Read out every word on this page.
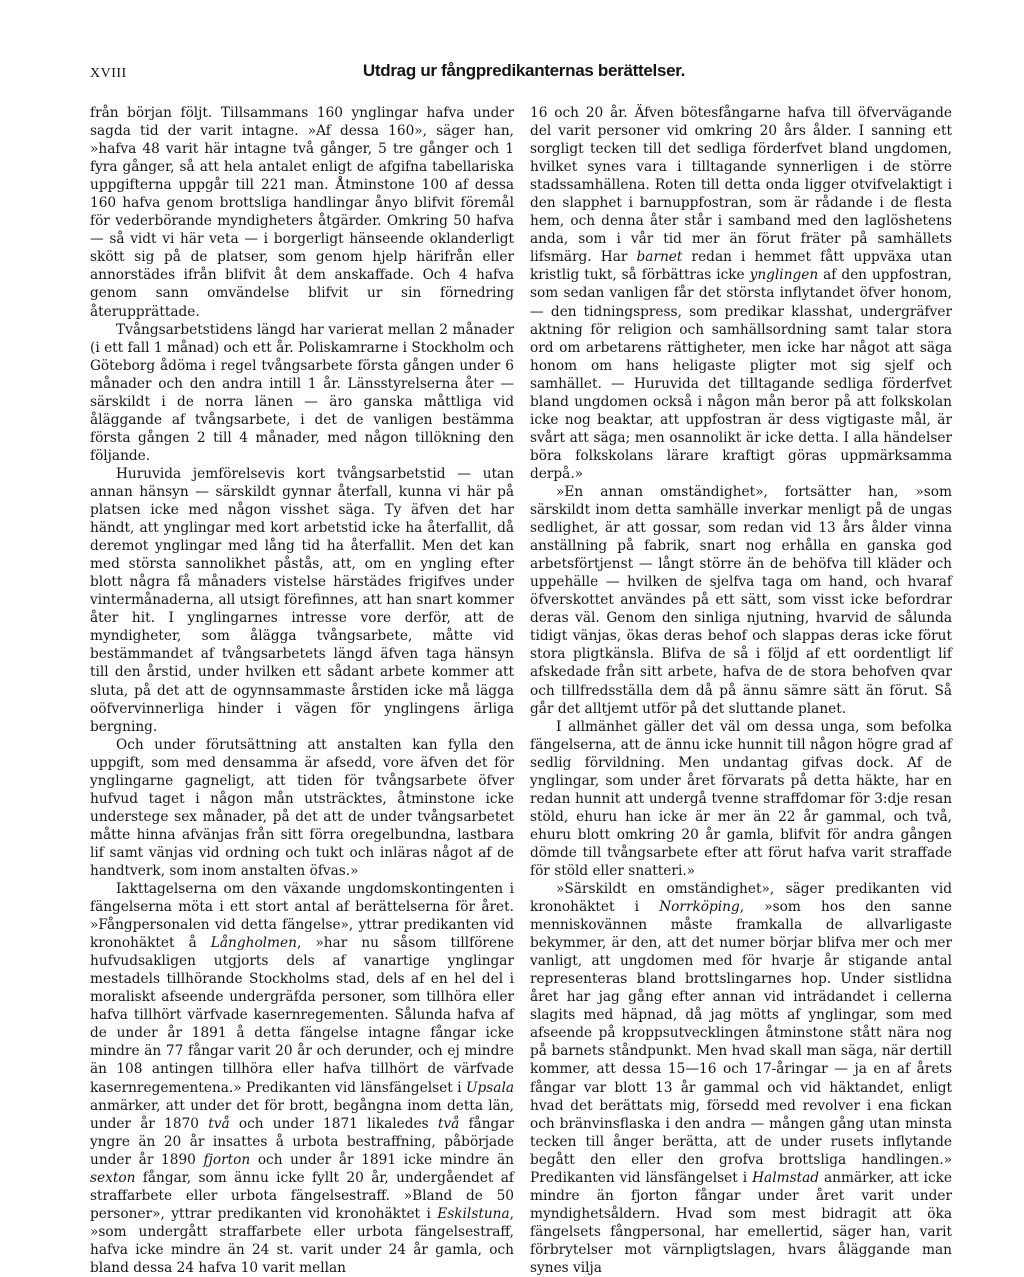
XVIII	Utdrag ur fångpredikanternas berättelser.

från början följt. Tillsammans 160 ynglingar hafva under sagda tid der varit intagne. »Af dessa 160», säger han, »hafva 48 varit här intagne två gånger, 5 tre gånger och 1 fyra gånger, så att hela antalet enligt de afgifna tabellariska uppgifterna uppgår till 221 man. Åtminstone 100 af dessa 160 hafva genom brottsliga handlingar ånyo blifvit föremål för vederbörande myndigheters åtgärder. Omkring 50 hafva — så vidt vi här veta — i borgerligt hänseende oklanderligt skött sig på de platser, som genom hjelp härifrån eller annorstädes ifrån blifvit åt dem anskaffade. Och 4 hafva genom sann omvändelse blifvit ur sin förnedring återupprättade.

Tvångsarbetstidens längd har varierat mellan 2 månader (i ett fall 1 månad) och ett år. Poliskamrarne i Stockholm och Göteborg ådöma i regel tvångsarbete första gången under 6 månader och den andra intill 1 år. Länsstyrelserna åter — särskildt i de norra länen — äro ganska måttliga vid åläggande af tvångsarbete, i det de vanligen bestämma första gången 2 till 4 månader, med någon tillökning den följande.

Huruvida jemförelsevis kort tvångsarbetstid — utan annan hänsyn — särskildt gynnar återfall, kunna vi här på platsen icke med någon visshet säga. Ty äfven det har händt, att ynglingar med kort arbetstid icke ha återfallit, då deremot ynglingar med lång tid ha återfallit. Men det kan med största sannolikhet påstås, att, om en yngling efter blott några få månaders vistelse härstädes frigifves under vintermånaderna, all utsigt förefinnes, att han snart kommer åter hit. I ynglingarnes intresse vore derför, att de myndigheter, som ålägga tvångsarbete, måtte vid bestämmandet af tvångsarbetets längd äfven taga hänsyn till den årstid, under hvilken ett sådant arbete kommer att sluta, på det att de ogynnsammaste årstiden icke må lägga oöfvervinnerliga hinder i vägen för ynglingens ärliga bergning.

Och under förutsättning att anstalten kan fylla den uppgift, som med densamma är afsedd, vore äfven det för ynglingarne gagneligt, att tiden för tvångsarbete öfver hufvud taget i någon mån utsträcktes, åtminstone icke understege sex månader, på det att de under tvångsarbetet måtte hinna afvänjas från sitt förra oregelbundna, lastbara lif samt vänjas vid ordning och tukt och inläras något af de handtverk, som inom anstalten öfvas.»

Iakttagelserna om den växande ungdomskontingenten i fängelserna möta i ett stort antal af berättelserna för året. »Fångpersonalen vid detta fängelse», yttrar predikanten vid kronohäktet å Långholmen, »har nu såsom tillförene hufvudsakligen utgjorts dels af vanartige ynglingar mestadels tillhörande Stockholms stad, dels af en hel del i moraliskt afseende undergräfda personer, som tillhöra eller hafva tillhört värfvade kasernregementen. Sålunda hafva af de under år 1891 å detta fängelse intagne fångar icke mindre än 77 fångar varit 20 år och derunder, och ej mindre än 108 antingen tillhöra eller hafva tillhört de värfvade kasernregementena.» Predikanten vid länsfängelset i Upsala anmärker, att under det för brott, begångna inom detta län, under år 1870 två och under 1871 likaledes två fångar yngre än 20 år insattes å urbota bestraffning, påbörjade under år 1890 fjorton och under år 1891 icke mindre än sexton fångar, som ännu icke fyllt 20 år, undergåendet af straffarbete eller urbota fängelsestraff. »Bland de 50 personer», yttrar predikanten vid kronohäktet i Eskilstuna, »som undergått straffarbete eller urbota fängelsestraff, hafva icke mindre än 24 st. varit under 24 år gamla, och bland dessa 24 hafva 10 varit mellan

16 och 20 år. Äfven bötesfångarne hafva till öfvervägande del varit personer vid omkring 20 års ålder. I sanning ett sorgligt tecken till det sedliga förderfvet bland ungdomen, hvilket synes vara i tilltagande synnerligen i de större stadssamhällena. Roten till detta onda ligger otvifvelaktigt i den slapphet i barnuppfostran, som är rådande i de flesta hem, och denna åter står i samband med den laglöshetens anda, som i vår tid mer än förut fräter på samhällets lifsmärg. Har barnet redan i hemmet fått uppväxa utan kristlig tukt, så förbättras icke ynglingen af den uppfostran, som sedan vanligen får det största inflytandet öfver honom, — den tidningspress, som predikar klasshat, undergräfver aktning för religion och samhällsordning samt talar stora ord om arbetarens rättigheter, men icke har något att säga honom om hans heligaste pligter mot sig sjelf och samhället. — Huruvida det tilltagande sedliga förderfvet bland ungdomen också i någon mån beror på att folkskolan icke nog beaktar, att uppfostran är dess vigtigaste mål, är svårt att säga; men osannolikt är icke detta. I alla händelser böra folkskolans lärare kraftigt göras uppmärksamma derpå.»

»En annan omständighet», fortsätter han, »som särskildt inom detta samhälle inverkar menligt på de ungas sedlighet, är att gossar, som redan vid 13 års ålder vinna anställning på fabrik, snart nog erhålla en ganska god arbetsförtjenst — långt större än de behöfva till kläder och uppehälle — hvilken de sjelfva taga om hand, och hvaraf öfverskottet användes på ett sätt, som visst icke befordrar deras väl. Genom den sinliga njutning, hvarvid de sålunda tidigt vänjas, ökas deras behof och slappas deras icke förut stora pligtkänsla. Blifva de så i följd af ett oordentligt lif afskedade från sitt arbete, hafva de de stora behofven qvar och tillfredsställa dem då på ännu sämre sätt än förut. Så går det alltjemt utför på det sluttande planet.

I allmänhet gäller det väl om dessa unga, som befolka fängelserna, att de ännu icke hunnit till någon högre grad af sedlig förvildning. Men undantag gifvas dock. Af de ynglingar, som under året förvarats på detta häkte, har en redan hunnit att undergå tvenne straffdomar för 3:dje resan stöld, ehuru han icke är mer än 22 år gammal, och två, ehuru blott omkring 20 år gamla, blifvit för andra gången dömde till tvångsarbete efter att förut hafva varit straffade för stöld eller snatteri.»

»Särskildt en omständighet», säger predikanten vid kronohäktet i Norrköping, »som hos den sanne menniskovännen måste framkalla de allvarligaste bekymmer, är den, att det numer börjar blifva mer och mer vanligt, att ungdomen med för hvarje år stigande antal representeras bland brottslingarnes hop. Under sistlidna året har jag gång efter annan vid inträdandet i cellerna slagits med häpnad, då jag mötts af ynglingar, som med afseende på kroppsutvecklingen åtminstone stått nära nog på barnets ståndpunkt. Men hvad skall man säga, när dertill kommer, att dessa 15—16 och 17-åringar — ja en af årets fångar var blott 13 år gammal och vid häktandet, enligt hvad det berättats mig, försedd med revolver i ena fickan och bränvinsflaska i den andra — mången gång utan minsta tecken till ånger berätta, att de under rusets inflytande begått den eller den grofva brottsliga handlingen.» Predikanten vid länsfängelset i Halmstad anmärker, att icke mindre än fjorton fångar under året varit under myndighetsåldern. Hvad som mest bidragit att öka fängelsets fångpersonal, har emellertid, säger han, varit förbrytelser mot värnpligtslagen, hvars åläggande man synes vilja
